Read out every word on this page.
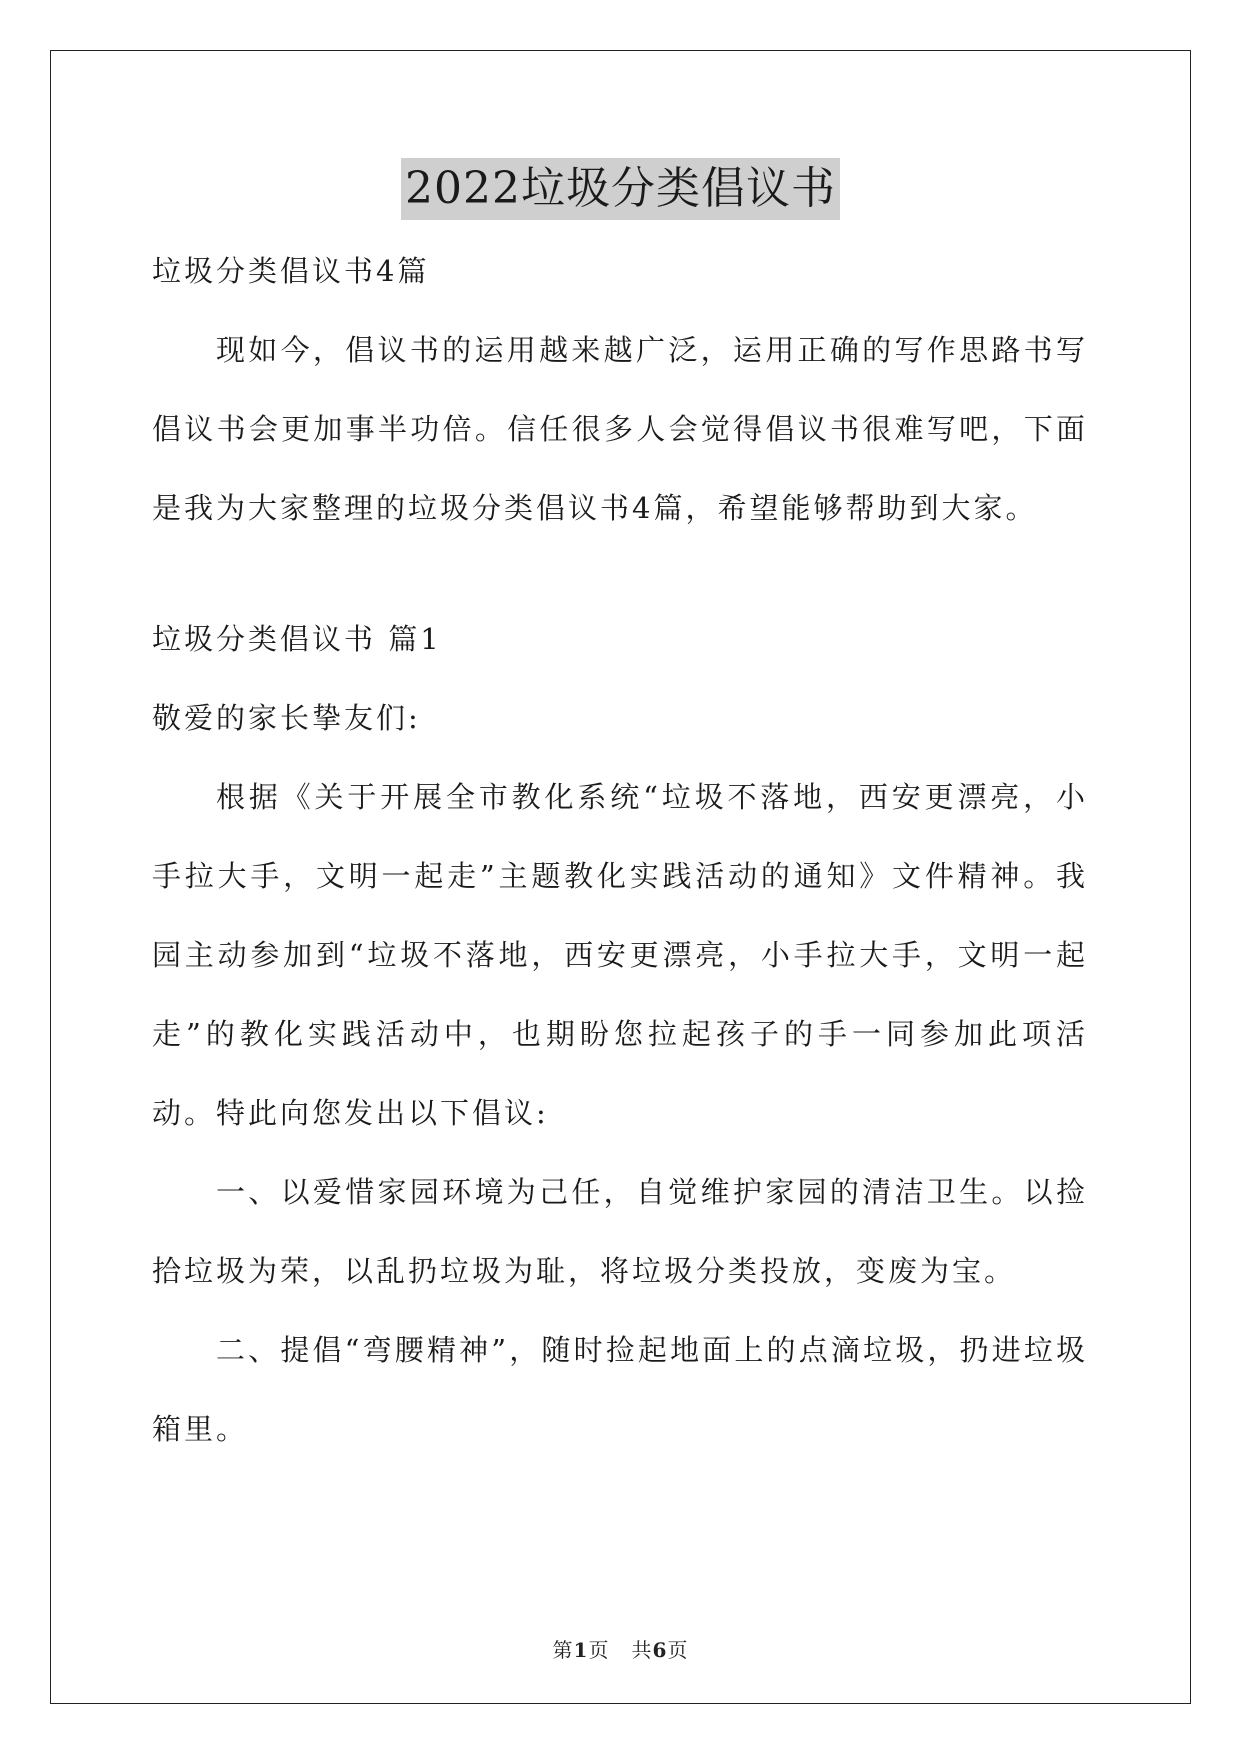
2022垃圾分类倡议书

垃圾分类倡议书4篇

现如今，倡议书的运用越来越广泛，运用正确的写作思路书写倡议书会更加事半功倍。信任很多人会觉得倡议书很难写吧，下面是我为大家整理的垃圾分类倡议书4篇，希望能够帮助到大家。

垃圾分类倡议书 篇1

敬爱的家长挚友们:

根据《关于开展全市教化系统“垃圾不落地，西安更漂亮，小手拉大手，文明一起走”主题教化实践活动的通知》文件精神。我园主动参加到“垃圾不落地，西安更漂亮，小手拉大手，文明一起走”的教化实践活动中，也期盼您拉起孩子的手一同参加此项活动。特此向您发出以下倡议:

一、以爱惜家园环境为己任，自觉维护家园的清洁卫生。以捡拾垃圾为荣，以乱扔垃圾为耻，将垃圾分类投放，变废为宝。

二、提倡“弯腰精神”，随时捡起地面上的点滴垃圾，扔进垃圾箱里。

第1页   共6页
